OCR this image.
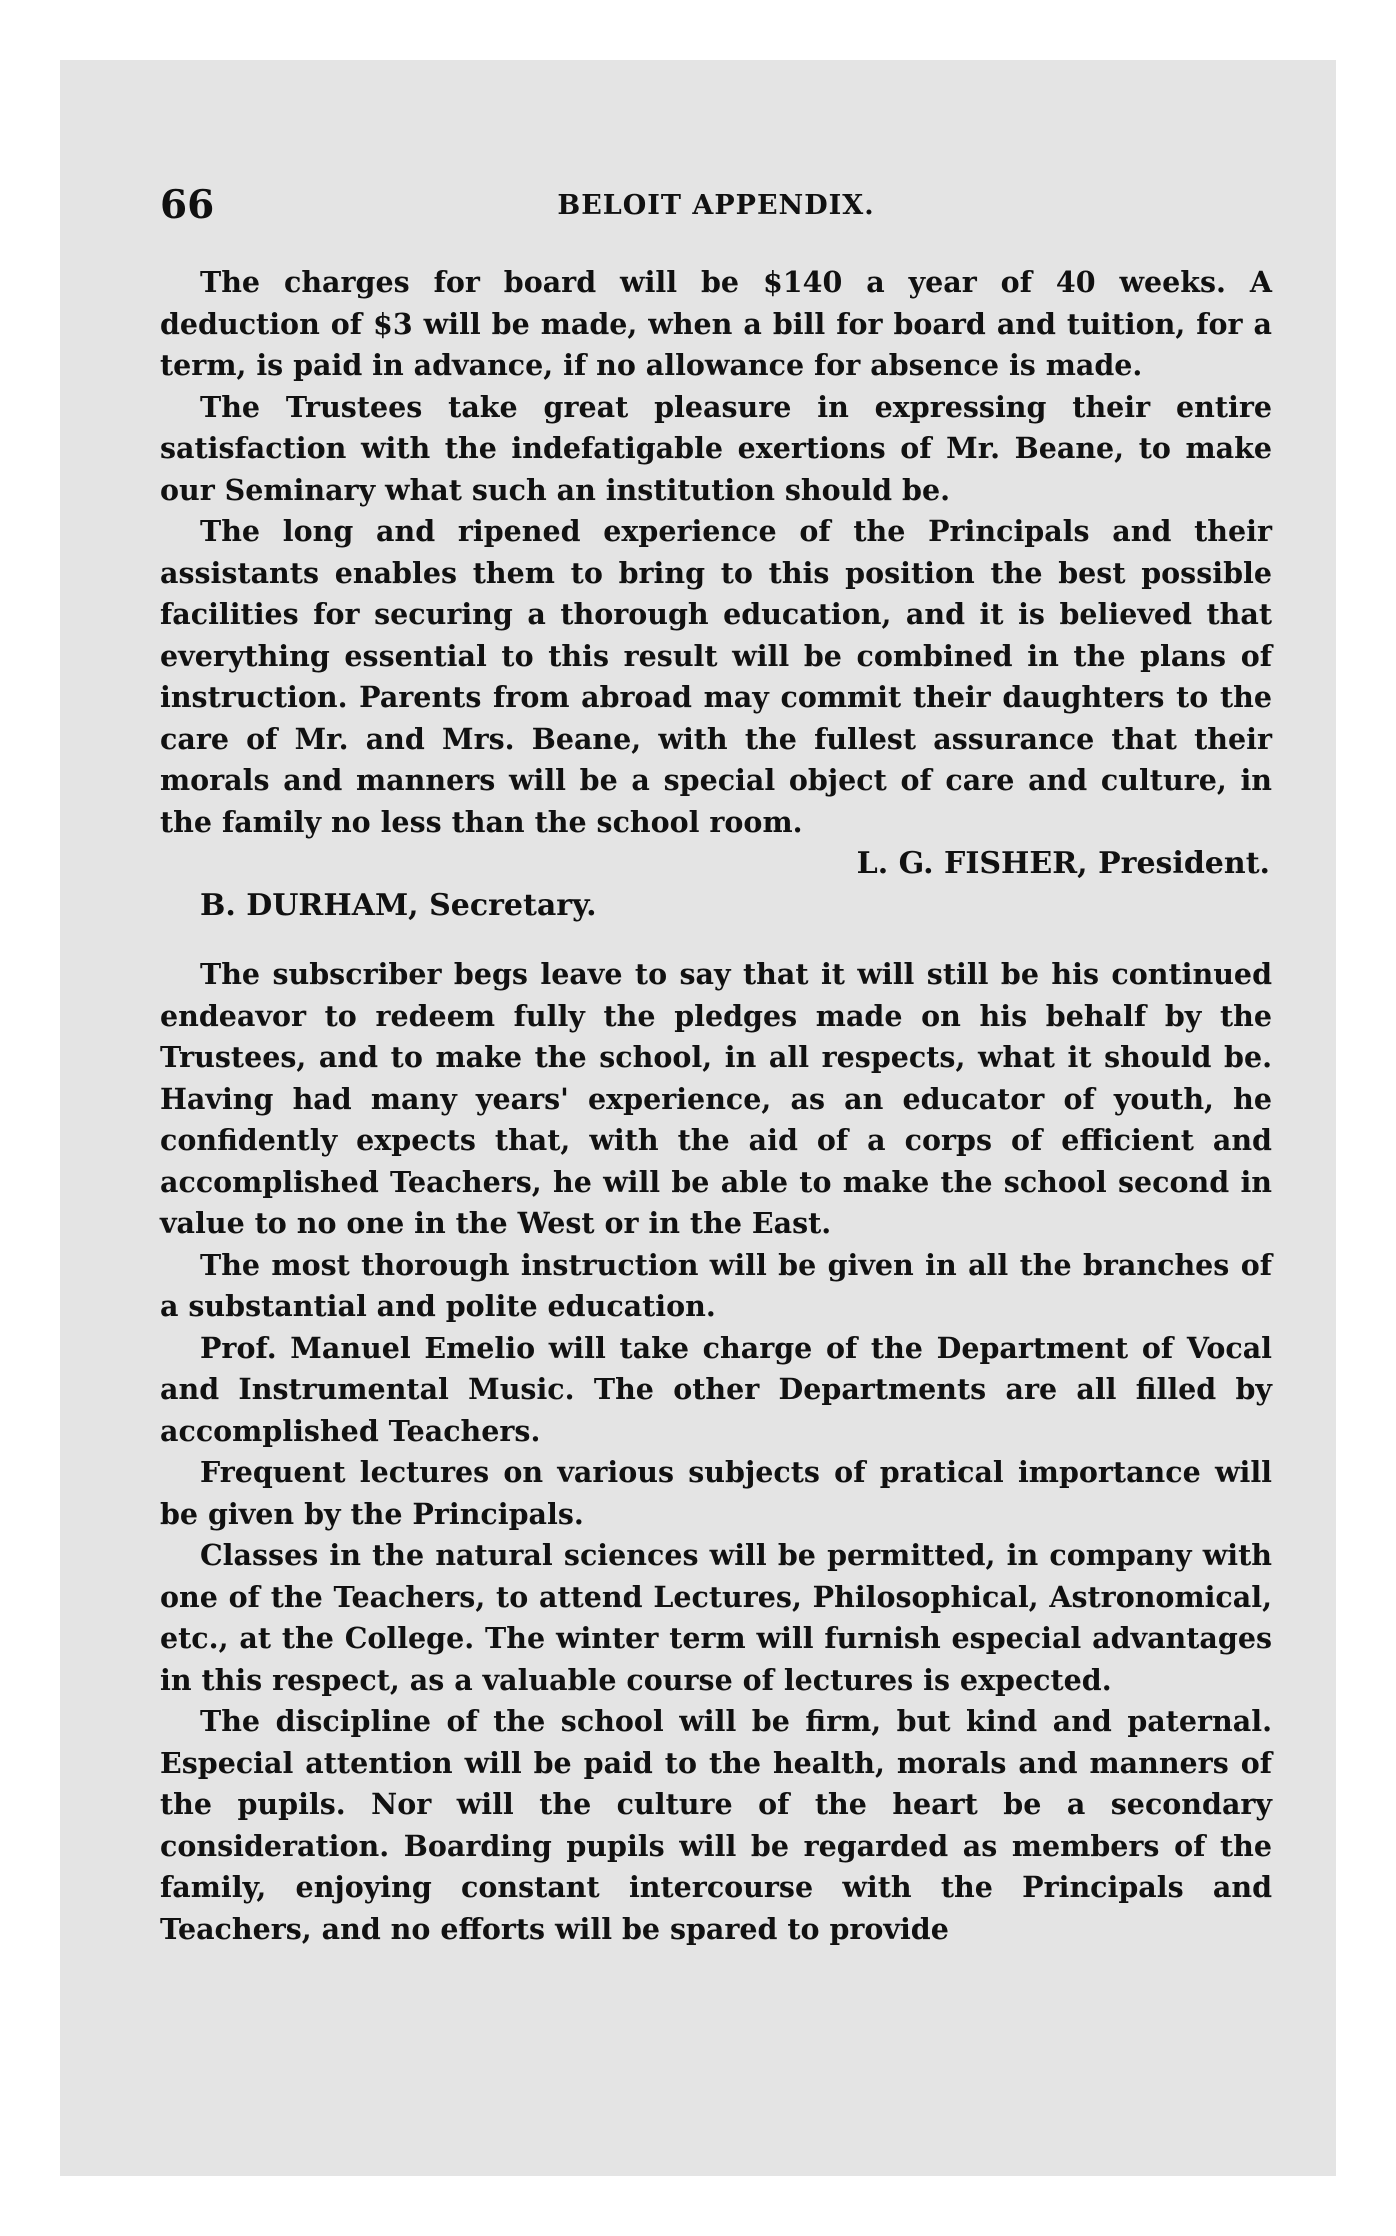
66	BELOIT APPENDIX.

The charges for board will be $140 a year of 40 weeks. A deduction of $3 will be made, when a bill for board and tuition, for a term, is paid in advance, if no allowance for absence is made.

The Trustees take great pleasure in expressing their entire satisfaction with the indefatigable exertions of Mr. Beane, to make our Seminary what such an institution should be.

The long and ripened experience of the Principals and their assistants enables them to bring to this position the best possible facilities for securing a thorough education, and it is believed that everything essential to this result will be combined in the plans of instruction. Parents from abroad may commit their daughters to the care of Mr. and Mrs. Beane, with the fullest assurance that their morals and manners will be a special object of care and culture, in the family no less than the school room.

L. G. FISHER, President.
B. DURHAM, Secretary.

The subscriber begs leave to say that it will still be his continued endeavor to redeem fully the pledges made on his behalf by the Trustees, and to make the school, in all respects, what it should be. Having had many years' experience, as an educator of youth, he confidently expects that, with the aid of a corps of efficient and accomplished Teachers, he will be able to make the school second in value to no one in the West or in the East.

The most thorough instruction will be given in all the branches of a substantial and polite education.

Prof. Manuel Emelio will take charge of the Department of Vocal and Instrumental Music. The other Departments are all filled by accomplished Teachers.

Frequent lectures on various subjects of pratical importance will be given by the Principals.

Classes in the natural sciences will be permitted, in company with one of the Teachers, to attend Lectures, Philosophical, Astronomical, etc., at the College. The winter term will furnish especial advantages in this respect, as a valuable course of lectures is expected.

The discipline of the school will be firm, but kind and paternal. Especial attention will be paid to the health, morals and manners of the pupils. Nor will the culture of the heart be a secondary consideration. Boarding pupils will be regarded as members of the family, enjoying constant intercourse with the Principals and Teachers, and no efforts will be spared to provide
